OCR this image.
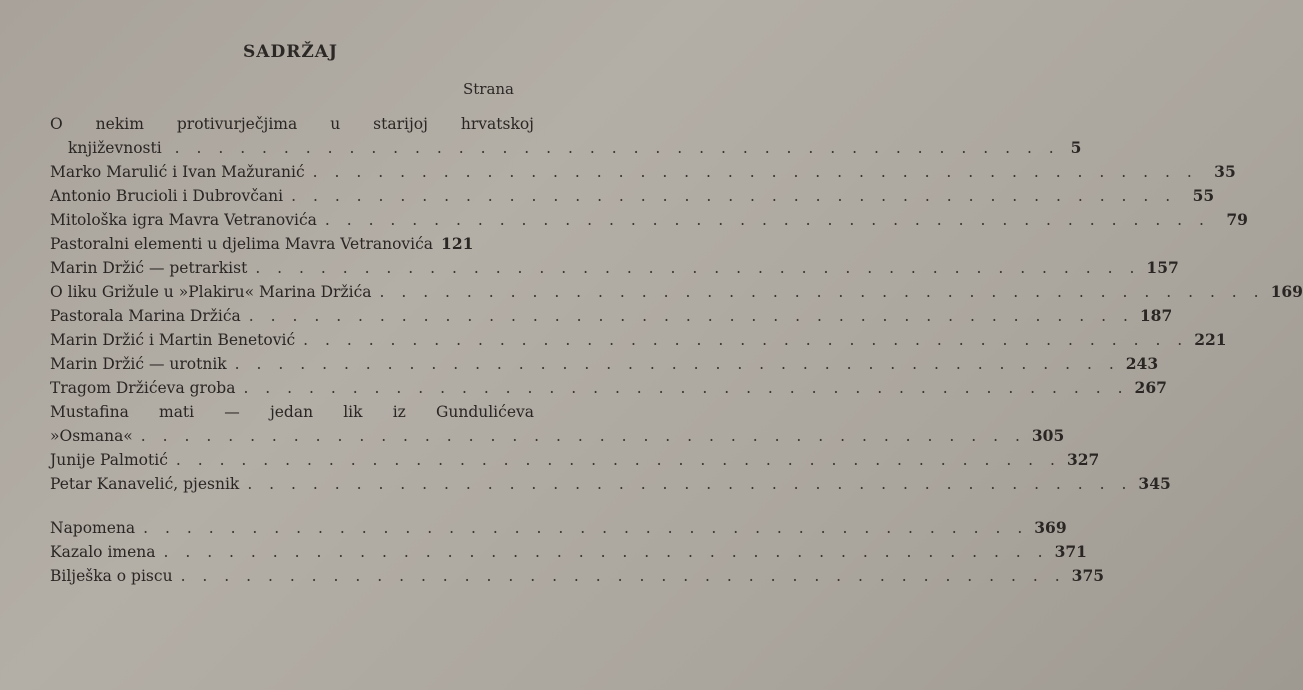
SADRŽAJ
Strana
O nekim protivurječjima u starijoj hrvatskoj
književnosti . . .	5
Marko Marulić i Ivan Mažuranić . . .	35
Antonio Brucioli i Dubrovčani . . .	55
Mitološka igra Mavra Vetranovića . . .	79
Pastoralni elementi u djelima Mavra Vetranovića 121
Marin Držić — petrarkist . . .	157
O liku Grižule u »Plakiru« Marina Držića . . .	169
Pastorala Marina Držića . . .	187
Marin Držić i Martin Benetović . . .	221
Marin Držić — urotnik . . .	243
Tragom Držićeva groba . . .	267
Mustafina mati — jedan lik iz Gundulićeva
»Osmana« . . .	305
Junije Palmotić . . .	327
Petar Kanavelić, pjesnik . . .	345
Napomena . . .	369
Kazalo imena . . .	371
Bilješka o piscu . . .	375
